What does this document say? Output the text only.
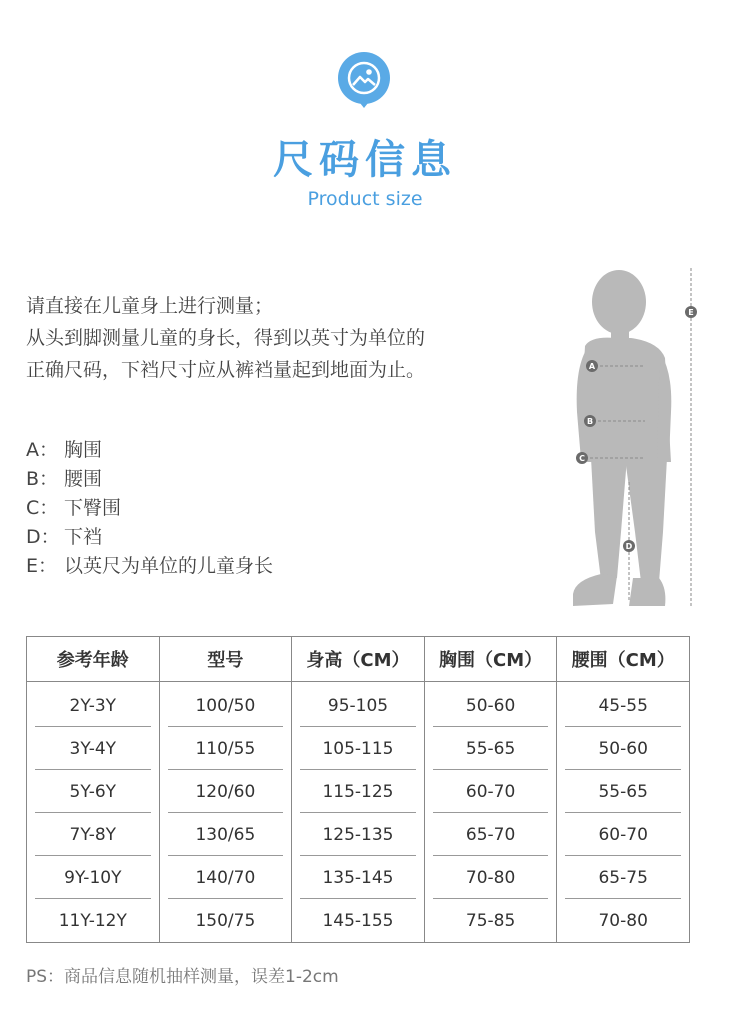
尺码信息
Product size

请直接在儿童身上进行测量；

从头到脚测量儿童的身长，得到以英寸为单位的

正确尺码，下裆尺寸应从裤裆量起到地面为止。

A： 胸围

B： 腰围

C： 下臀围

D： 下裆

E： 以英尺为单位的儿童身长

A
B
C
D
E
参考年龄	型号	身高（CM）	胸围（CM）	腰围（CM）
2Y-3Y	100/50	95-105	50-60	45-55
3Y-4Y	110/55	105-115	55-65	50-60
5Y-6Y	120/60	115-125	60-70	55-65
7Y-8Y	130/65	125-135	65-70	60-70
9Y-10Y	140/70	135-145	70-80	65-75
11Y-12Y	150/75	145-155	75-85	70-80
PS：商品信息随机抽样测量，误差1-2cm
